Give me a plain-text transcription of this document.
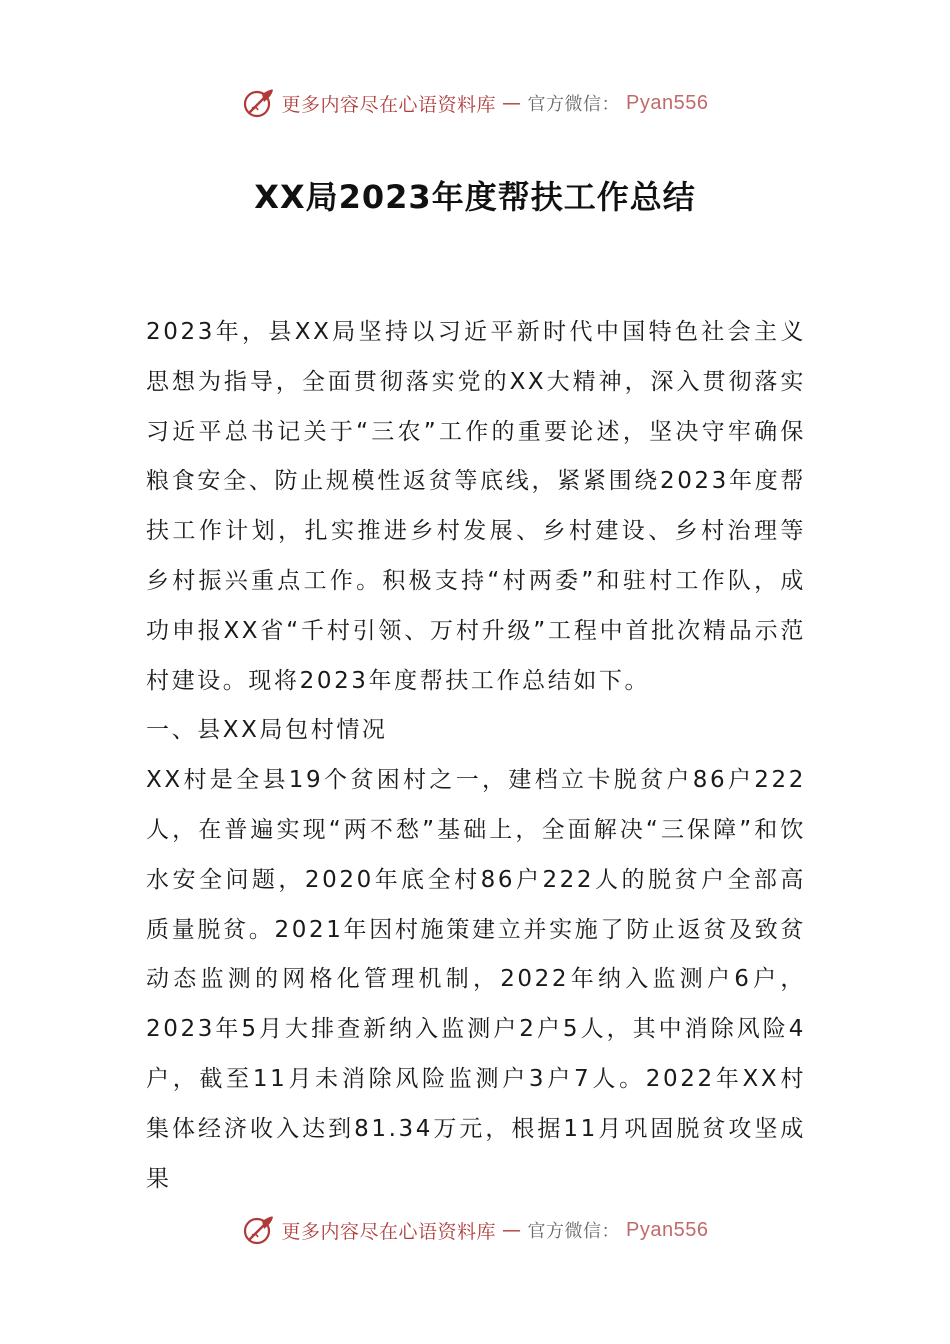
更多内容尽在心语资料库 — 官方微信： Pyan556
XX局2023年度帮扶工作总结

2023年，县XX局坚持以习近平新时代中国特色社会主义思想为指导，全面贯彻落实党的XX大精神，深入贯彻落实习近平总书记关于“三农”工作的重要论述，坚决守牢确保粮食安全、防止规模性返贫等底线，紧紧围绕2023年度帮扶工作计划，扎实推进乡村发展、乡村建设、乡村治理等乡村振兴重点工作。积极支持“村两委”和驻村工作队，成功申报XX省“千村引领、万村升级”工程中首批次精品示范村建设。现将2023年度帮扶工作总结如下。

一、县XX局包村情况

XX村是全县19个贫困村之一，建档立卡脱贫户86户222人，在普遍实现“两不愁”基础上，全面解决“三保障”和饮水安全问题，2020年底全村86户222人的脱贫户全部高质量脱贫。2021年因村施策建立并实施了防止返贫及致贫动态监测的网格化管理机制，2022年纳入监测户6户，2023年5月大排查新纳入监测户2户5人，其中消除风险4户，截至11月未消除风险监测户3户7人。2022年XX村集体经济收入达到81.34万元，根据11月巩固脱贫攻坚成果

更多内容尽在心语资料库 — 官方微信： Pyan556
